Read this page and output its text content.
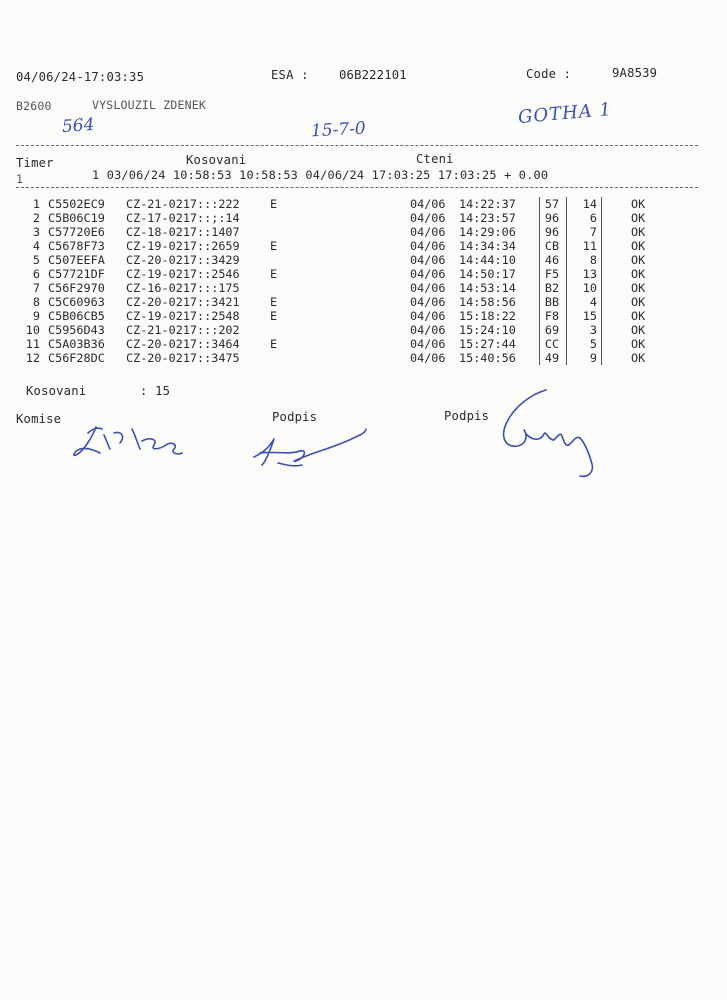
04/06/24-17:03:35	ESA : 06B222101	Code :	9A8539
B2600	VYSLOUZIL ZDENEK
564	15-7-0
GOTHA 1
Timer	Kosovani	Cteni
1	1 03/06/24 10:58:53 10:58:53 04/06/24 17:03:25 17:03:25 + 0.00
1 C5502EC9 CZ-21-0217:::222	E	04/06 14:22:37	57	14	OK
2 C5B06C19 CZ-17-0217::;:14	04/06 14:23:57	96	6	OK
3 C57720E6 CZ-18-0217::1407	04/06 14:29:06	96	7	OK
4 C5678F73 CZ-19-0217::2659	E	04/06 14:34:34	CB	11	OK
5 C507EEFA CZ-20-0217::3429	04/06 14:44:10	46	8	OK
6 C57721DF CZ-19-0217::2546	E	04/06 14:50:17	F5	13	OK
7 C56F2970 CZ-16-0217:::175	04/06 14:53:14	B2	10	OK
8 C5C60963 CZ-20-0217::3421	E	04/06 14:58:56	BB	4	OK
9 C5B06CB5 CZ-19-0217::2548	E	04/06 15:18:22	F8	15	OK
10 C5956D43 CZ-21-0217:::202	04/06 15:24:10	69	3	OK
11 C5A03B36 CZ-20-0217::3464	E	04/06 15:27:44	CC	5	OK
12 C56F28DC CZ-20-0217::3475	04/06 15:40:56	49	9	OK
Kosovani	: 15
Komise	Podpis	Podpis
